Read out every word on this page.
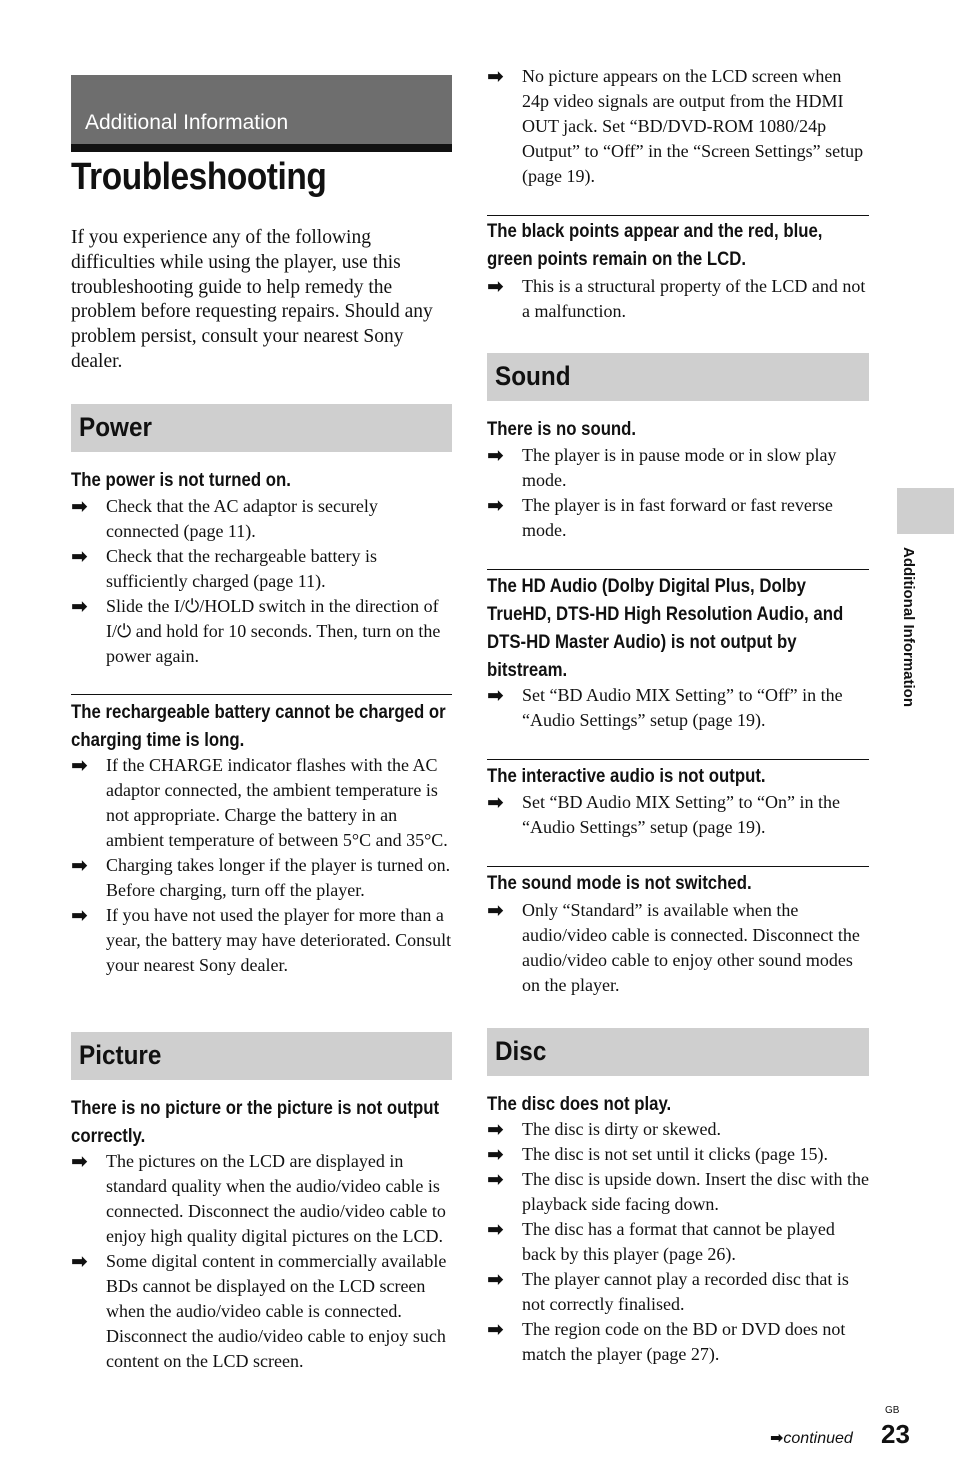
Additional Information
Troubleshooting

If you experience any of the following difficulties while using the player, use this troubleshooting guide to help remedy the problem before requesting repairs. Should any problem persist, consult your nearest Sony dealer.

Power
The power is not turned on.
➡ Check that the AC adaptor is securely connected (page 11).
➡ Check that the rechargeable battery is sufficiently charged (page 11).
➡ Slide the I/⏻/HOLD switch in the direction of I/⏻ and hold for 10 seconds. Then, turn on the power again.
The rechargeable battery cannot be charged or charging time is long.
➡ If the CHARGE indicator flashes with the AC adaptor connected, the ambient temperature is not appropriate. Charge the battery in an ambient temperature of between 5°C and 35°C.
➡ Charging takes longer if the player is turned on. Before charging, turn off the player.
➡ If you have not used the player for more than a year, the battery may have deteriorated. Consult your nearest Sony dealer.
Picture
There is no picture or the picture is not output correctly.
➡ The pictures on the LCD are displayed in standard quality when the audio/video cable is connected. Disconnect the audio/video cable to enjoy high quality digital pictures on the LCD.
➡ Some digital content in commercially available BDs cannot be displayed on the LCD screen when the audio/video cable is connected. Disconnect the audio/video cable to enjoy such content on the LCD screen.
➡ No picture appears on the LCD screen when 24p video signals are output from the HDMI OUT jack. Set “BD/DVD-ROM 1080/24p Output” to “Off” in the “Screen Settings” setup (page 19).
The black points appear and the red, blue, green points remain on the LCD.
➡ This is a structural property of the LCD and not a malfunction.
Sound
There is no sound.
➡ The player is in pause mode or in slow play mode.
➡ The player is in fast forward or fast reverse mode.
The HD Audio (Dolby Digital Plus, Dolby TrueHD, DTS-HD High Resolution Audio, and DTS-HD Master Audio) is not output by bitstream.
➡ Set “BD Audio MIX Setting” to “Off” in the “Audio Settings” setup (page 19).
The interactive audio is not output.
➡ Set “BD Audio MIX Setting” to “On” in the “Audio Settings” setup (page 19).
The sound mode is not switched.
➡ Only “Standard” is available when the audio/video cable is connected. Disconnect the audio/video cable to enjoy other sound modes on the player.
Disc
The disc does not play.
➡ The disc is dirty or skewed.
➡ The disc is not set until it clicks (page 15).
➡ The disc is upside down. Insert the disc with the playback side facing down.
➡ The disc has a format that cannot be played back by this player (page 26).
➡ The player cannot play a recorded disc that is not correctly finalised.
➡ The region code on the BD or DVD does not match the player (page 27).
Additional Information
➡continued
GB
23
